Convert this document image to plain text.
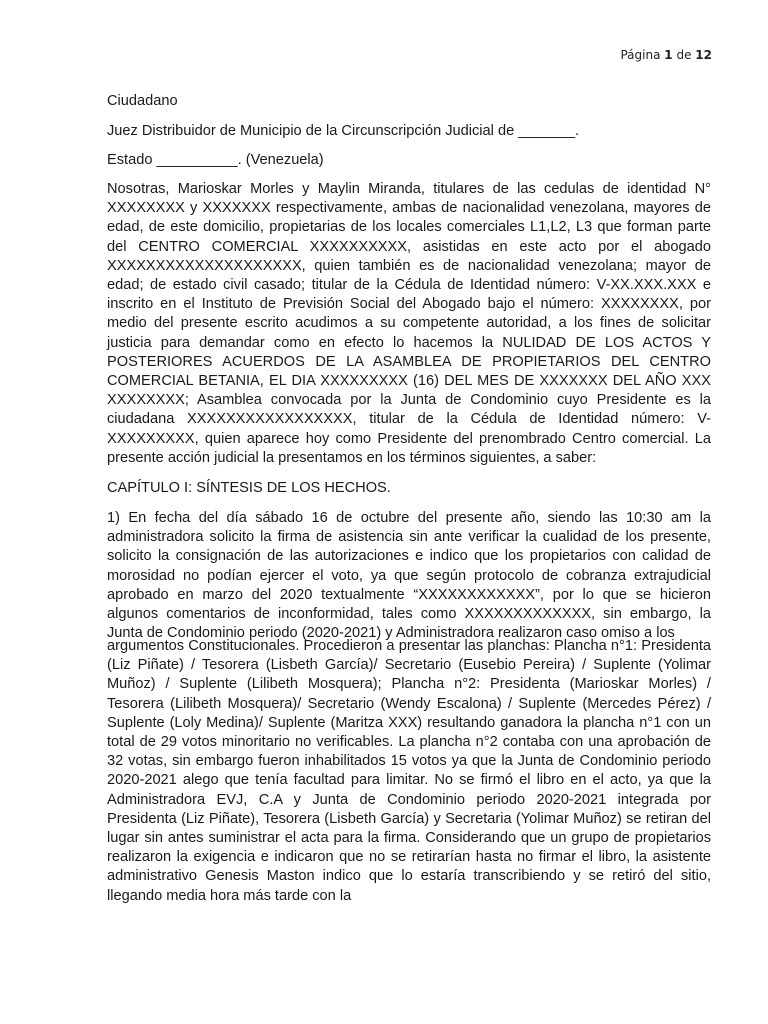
Página 1 de 12
Ciudadano
Juez Distribuidor de Municipio de la Circunscripción Judicial de _______.
Estado __________. (Venezuela)

Nosotras, Marioskar Morles y Maylin Miranda, titulares de las cedulas de identidad N° XXXXXXXX y XXXXXXX respectivamente, ambas de nacionalidad venezolana, mayores de edad, de este domicilio, propietarias de los locales comerciales L1,L2, L3 que forman parte del CENTRO COMERCIAL XXXXXXXXXX, asistidas en este acto por el abogado XXXXXXXXXXXXXXXXXXXX, quien también es de nacionalidad venezolana; mayor de edad; de estado civil casado; titular de la Cédula de Identidad número: V-XX.XXX.XXX e inscrito en el Instituto de Previsión Social del Abogado bajo el número: XXXXXXXX, por medio del presente escrito acudimos a su competente autoridad, a los fines de solicitar justicia para demandar como en efecto lo hacemos la NULIDAD DE LOS ACTOS Y POSTERIORES ACUERDOS DE LA ASAMBLEA DE PROPIETARIOS DEL CENTRO COMERCIAL BETANIA, EL DIA XXXXXXXXX (16) DEL MES DE XXXXXXX DEL AÑO XXX XXXXXXXX; Asamblea convocada por la Junta de Condominio cuyo Presidente es la ciudadana XXXXXXXXXXXXXXXXX, titular de la Cédula de Identidad número: V-XXXXXXXXX, quien aparece hoy como Presidente del prenombrado Centro comercial. La presente acción judicial la presentamos en los términos siguientes, a saber:

CAPÍTULO I: SÍNTESIS DE LOS HECHOS.

1) En fecha del día sábado 16 de octubre del presente año, siendo las 10:30 am la administradora solicito la firma de asistencia sin ante verificar la cualidad de los presente, solicito la consignación de las autorizaciones e indico que los propietarios con calidad de morosidad no podían ejercer el voto, ya que según protocolo de cobranza extrajudicial aprobado en marzo del 2020 textualmente “XXXXXXXXXXXX”, por lo que se hicieron algunos comentarios de inconformidad, tales como XXXXXXXXXXXXX, sin embargo, la Junta de Condominio periodo (2020-2021) y Administradora realizaron caso omiso a los

argumentos Constitucionales. Procedieron a presentar las planchas: Plancha n°1: Presidenta (Liz Piñate) / Tesorera (Lisbeth García)/ Secretario (Eusebio Pereira) / Suplente (Yolimar Muñoz) / Suplente (Lilibeth Mosquera); Plancha n°2: Presidenta (Marioskar Morles) / Tesorera (Lilibeth Mosquera)/ Secretario (Wendy Escalona) / Suplente (Mercedes Pérez) / Suplente (Loly Medina)/ Suplente (Maritza XXX) resultando ganadora la plancha n°1 con un total de 29 votos minoritario no verificables. La plancha n°2 contaba con una aprobación de 32 votas, sin embargo fueron inhabilitados 15 votos ya que la Junta de Condominio periodo 2020-2021 alego que tenía facultad para limitar. No se firmó el libro en el acto, ya que la Administradora EVJ, C.A y Junta de Condominio periodo 2020-2021 integrada por Presidenta (Liz Piñate), Tesorera (Lisbeth García) y Secretaria (Yolimar Muñoz) se retiran del lugar sin antes suministrar el acta para la firma. Considerando que un grupo de propietarios realizaron la exigencia e indicaron que no se retirarían hasta no firmar el libro, la asistente administrativo Genesis Maston indico que lo estaría transcribiendo y se retiró del sitio, llegando media hora más tarde con la
